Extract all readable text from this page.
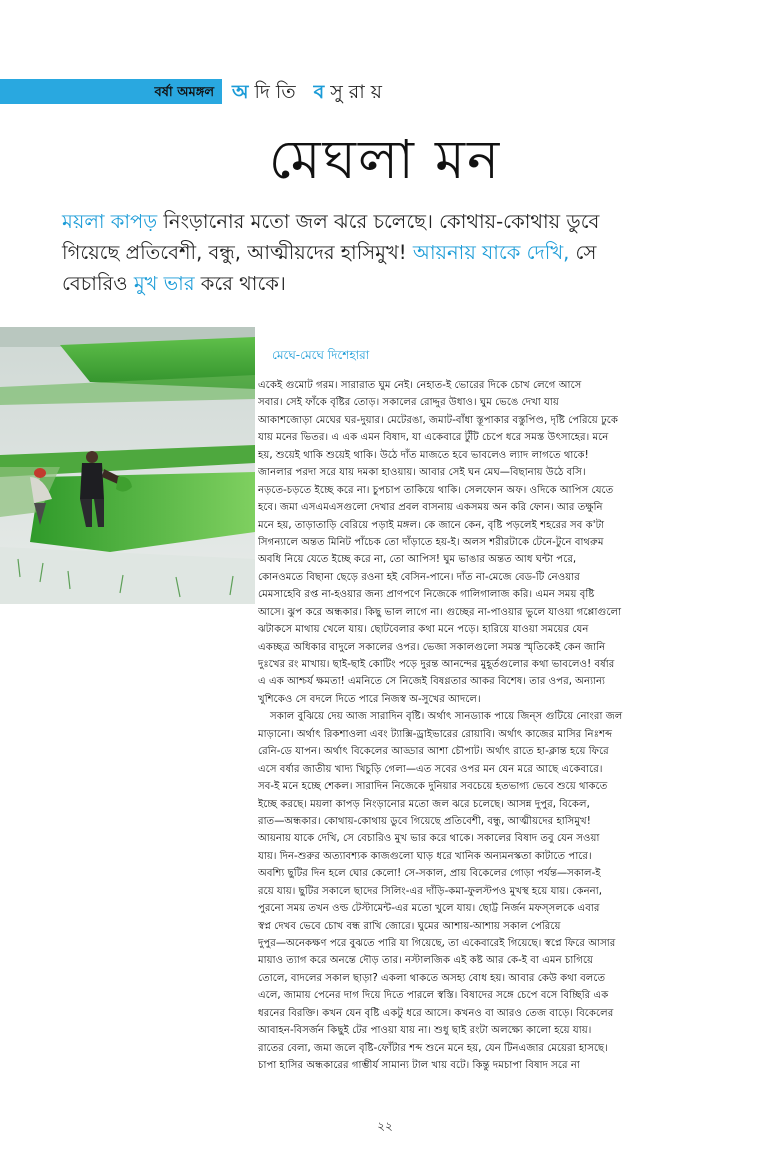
বর্ষা অমঙ্গল অদিতি বসুরায়
মেঘলা মন

ময়লা কাপড় নিংড়ানোর মতো জল ঝরে চলেছে। কোথায়-কোথায় ডুবে

গিয়েছে প্রতিবেশী, বন্ধু, আত্মীয়দের হাসিমুখ! আয়নায় যাকে দেখি, সে

বেচারিও মুখ ভার করে থাকে।

মেঘে-মেঘে দিশেহারা
একেই গুমোট গরম। সারারাত ঘুম নেই। নেহাত-ই ভোরের দিকে চোখ লেগে আসে
সবার। সেই ফাঁকে বৃষ্টির তোড়। সকালের রোদ্দুর উধাও। ঘুম ভেঙে দেখা যায়
আকাশজোড়া মেঘের ঘর-দুয়ার। মেটেরঙা, জমাট-বাঁধা স্তূপাকার বস্তুপিণ্ড, দৃষ্টি পেরিয়ে ঢুকে
যায় মনের ভিতর। এ এক এমন বিষাদ, যা একেবারে টুঁটি চেপে ধরে সমস্ত উৎসাহের। মনে
হয়, শুয়েই থাকি শুয়েই থাকি। উঠে দাঁত মাজতে হবে ভাবলেও ল্যাদ লাগতে থাকে!
জানলার পরদা সরে যায় দমকা হাওয়ায়। আবার সেই ঘন মেঘ—বিছানায় উঠে বসি।
নড়তে-চড়তে ইচ্ছে করে না। চুপচাপ তাকিয়ে থাকি। সেলফোন অফ। ওদিকে আপিস যেতে
হবে। জমা এসএমএসগুলো দেখার প্রবল বাসনায় একসময় অন করি ফোন। আর তক্ষুনি
মনে হয়, তাড়াতাড়ি বেরিয়ে পড়াই মঙ্গল। কে জানে কেন, বৃষ্টি পড়লেই শহরের সব ক'টা
সিগন্যালে অন্তত মিনিট পাঁচেক তো দাঁড়াতে হয়-ই। অলস শরীরটাকে টেনে-টুনে বাথরুম
অবধি নিয়ে যেতে ইচ্ছে করে না, তো আপিস! ঘুম ভাঙার অন্তত আধ ঘন্টা পরে,
কোনওমতে বিছানা ছেড়ে রওনা হই বেসিন-পানে। দাঁত না-মেজে বেড-টি নেওয়ার
মেমসাহেবি রপ্ত না-হওয়ার জন্য প্রাণপণে নিজেকে গালিগালাজ করি। এমন সময় বৃষ্টি
আসে। ঝুপ করে অন্ধকার। কিছু ভাল লাগে না। গুচ্ছের না-পাওয়ার ভুলে যাওয়া গপ্পোগুলো
ঝটাকসে মাথায় খেলে যায়। ছোটবেলার কথা মনে পড়ে। হারিয়ে যাওয়া সময়ের যেন
একচ্ছত্র অধিকার বাদুলে সকালের ওপর। ভেজা সকালগুলো সমস্ত স্মৃতিকেই কেন জানি
দুঃখের রং মাখায়। ছাই-ছাই কোটিং পড়ে দুরন্ত আনন্দের মুহূর্তগুলোর কথা ভাবলেও! বর্ষার
এ এক আশ্চর্য ক্ষমতা! এমনিতে সে নিজেই বিষণ্ণতার আকর বিশেষ। তার ওপর, অন্যান্য
খুশিকেও সে বদলে দিতে পারে নিজস্ব অ-সুখের আদলে।
সকাল বুঝিয়ে দেয় আজ সারাদিন বৃষ্টি। অর্থাৎ সানড্যাক পায়ে জিন্‌স গুটিয়ে নোংরা জল
মাড়ানো। অর্থাৎ রিকশাওলা এবং ট্যাক্সি-ড্রাইভারের রোয়াবি। অর্থাৎ কাজের মাসির নিঃশব্দ
রেনি-ডে যাপন। অর্থাৎ বিকেলের আড্ডার আশা চৌপাট। অর্থাৎ রাতে হা-ক্লান্ত হয়ে ফিরে
এসে বর্ষার জাতীয় খাদ্য খিচুড়ি গেলা—এত সবের ওপর মন যেন মরে আছে একেবারে।
সব-ই মনে হচ্ছে শেকল। সারাদিন নিজেকে দুনিয়ার সবচেয়ে হতভাগ্য ভেবে শুয়ে থাকতে
ইচ্ছে করছে। ময়লা কাপড় নিংড়ানোর মতো জল ঝরে চলেছে। আসন্ন দুপুর, বিকেল,
রাত—অন্ধকার। কোথায়-কোথায় ডুবে গিয়েছে প্রতিবেশী, বন্ধু, আত্মীয়দের হাসিমুখ!
আয়নায় যাকে দেখি, সে বেচারিও মুখ ভার করে থাকে। সকালের বিষাদ তবু যেন সওয়া
যায়। দিন-শুরুর অত্যাবশ্যক কাজগুলো ঘাড় ধরে খানিক অন্যমনস্কতা কাটাতে পারে।
অবশ্যি ছুটির দিন হলে ঘোর কেলো! সে-সকাল, প্রায় বিকেলের গোড়া পর্যন্ত—সকাল-ই
রয়ে যায়। ছুটির সকালে ছাদের সিলিং-এর দাঁড়ি-কমা-ফুলস্টপও মুখস্থ হয়ে যায়। কেননা,
পুরনো সময় তখন ওল্ড টেস্টামেন্ট-এর মতো খুলে যায়। ছোট্ট নির্জন মফস্সলকে এবার
স্বপ্ন দেখব ভেবে চোখ বন্ধ রাখি জোরে। ঘুমের আশায়-আশায় সকাল পেরিয়ে
দুপুর—অনেকক্ষণ পরে বুঝতে পারি যা গিয়েছে, তা একেবারেই গিয়েছে। স্বপ্নে ফিরে আসার
মায়াও ত্যাগ করে অনন্তে দৌড় তার। নস্টালজিক এই কষ্ট আর কে-ই বা এমন চাগিয়ে
তোলে, বাদলের সকাল ছাড়া? একলা থাকতে অসহ্য বোধ হয়। আবার কেউ কথা বলতে
এলে, জামায় পেনের দাগ দিয়ে দিতে পারলে স্বস্তি। বিষাদের সঙ্গে চেপে বসে বিচ্ছিরি এক
ধরনের বিরক্তি। কখন যেন বৃষ্টি একটু ধরে আসে। কখনও বা আরও তেজ বাড়ে। বিকেলের
আবাহন-বিসর্জন কিছুই টের পাওয়া যায় না। শুধু ছাই রংটা অলক্ষ্যে কালো হয়ে যায়।
রাতের বেলা, জমা জলে বৃষ্টি-ফোঁটার শব্দ শুনে মনে হয়, যেন টিনএজার মেয়েরা হাসছে।
চাপা হাসির অন্ধকারের গাম্ভীর্য সামান্য টাল খায় বটে। কিন্তু দমচাপা বিষাদ সরে না
২২
